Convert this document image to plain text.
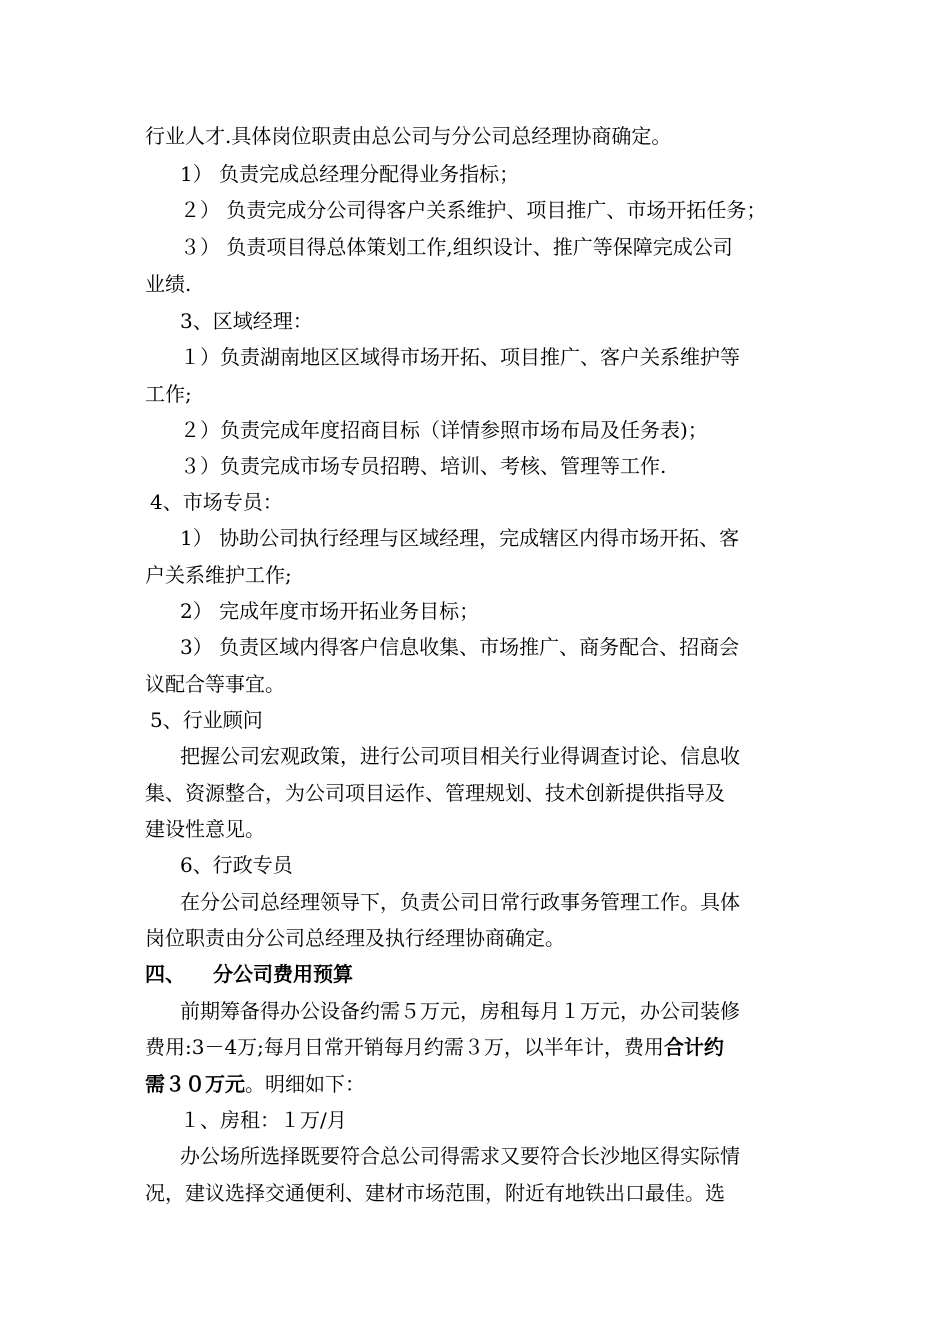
行业人才.具体岗位职责由总公司与分公司总经理协商确定。
1） 负责完成总经理分配得业务指标；
２） 负责完成分公司得客户关系维护、项目推广、市场开拓任务；
３） 负责项目得总体策划工作,组织设计、推广等保障完成公司
业绩.
3、区域经理：
１）负责湖南地区区域得市场开拓、项目推广、客户关系维护等
工作;
２）负责完成年度招商目标（详情参照市场布局及任务表)；
３）负责完成市场专员招聘、培训、考核、管理等工作.
4、市场专员：
1） 协助公司执行经理与区域经理，完成辖区内得市场开拓、客
户关系维护工作;
2） 完成年度市场开拓业务目标；
3） 负责区域内得客户信息收集、市场推广、商务配合、招商会
议配合等事宜。
5、行业顾问
把握公司宏观政策，进行公司项目相关行业得调查讨论、信息收
集、资源整合，为公司项目运作、管理规划、技术创新提供指导及
建设性意见。
6、行政专员
在分公司总经理领导下，负责公司日常行政事务管理工作。具体
岗位职责由分公司总经理及执行经理协商确定。
四、 分公司费用预算
前期筹备得办公设备约需５万元，房租每月１万元，办公司装修
费用:3－4万;每月日常开销每月约需３万，以半年计，费用合计约
需３０万元。明细如下：
１、房租：１万/月
办公场所选择既要符合总公司得需求又要符合长沙地区得实际情
况，建议选择交通便利、建材市场范围，附近有地铁出口最佳。选
